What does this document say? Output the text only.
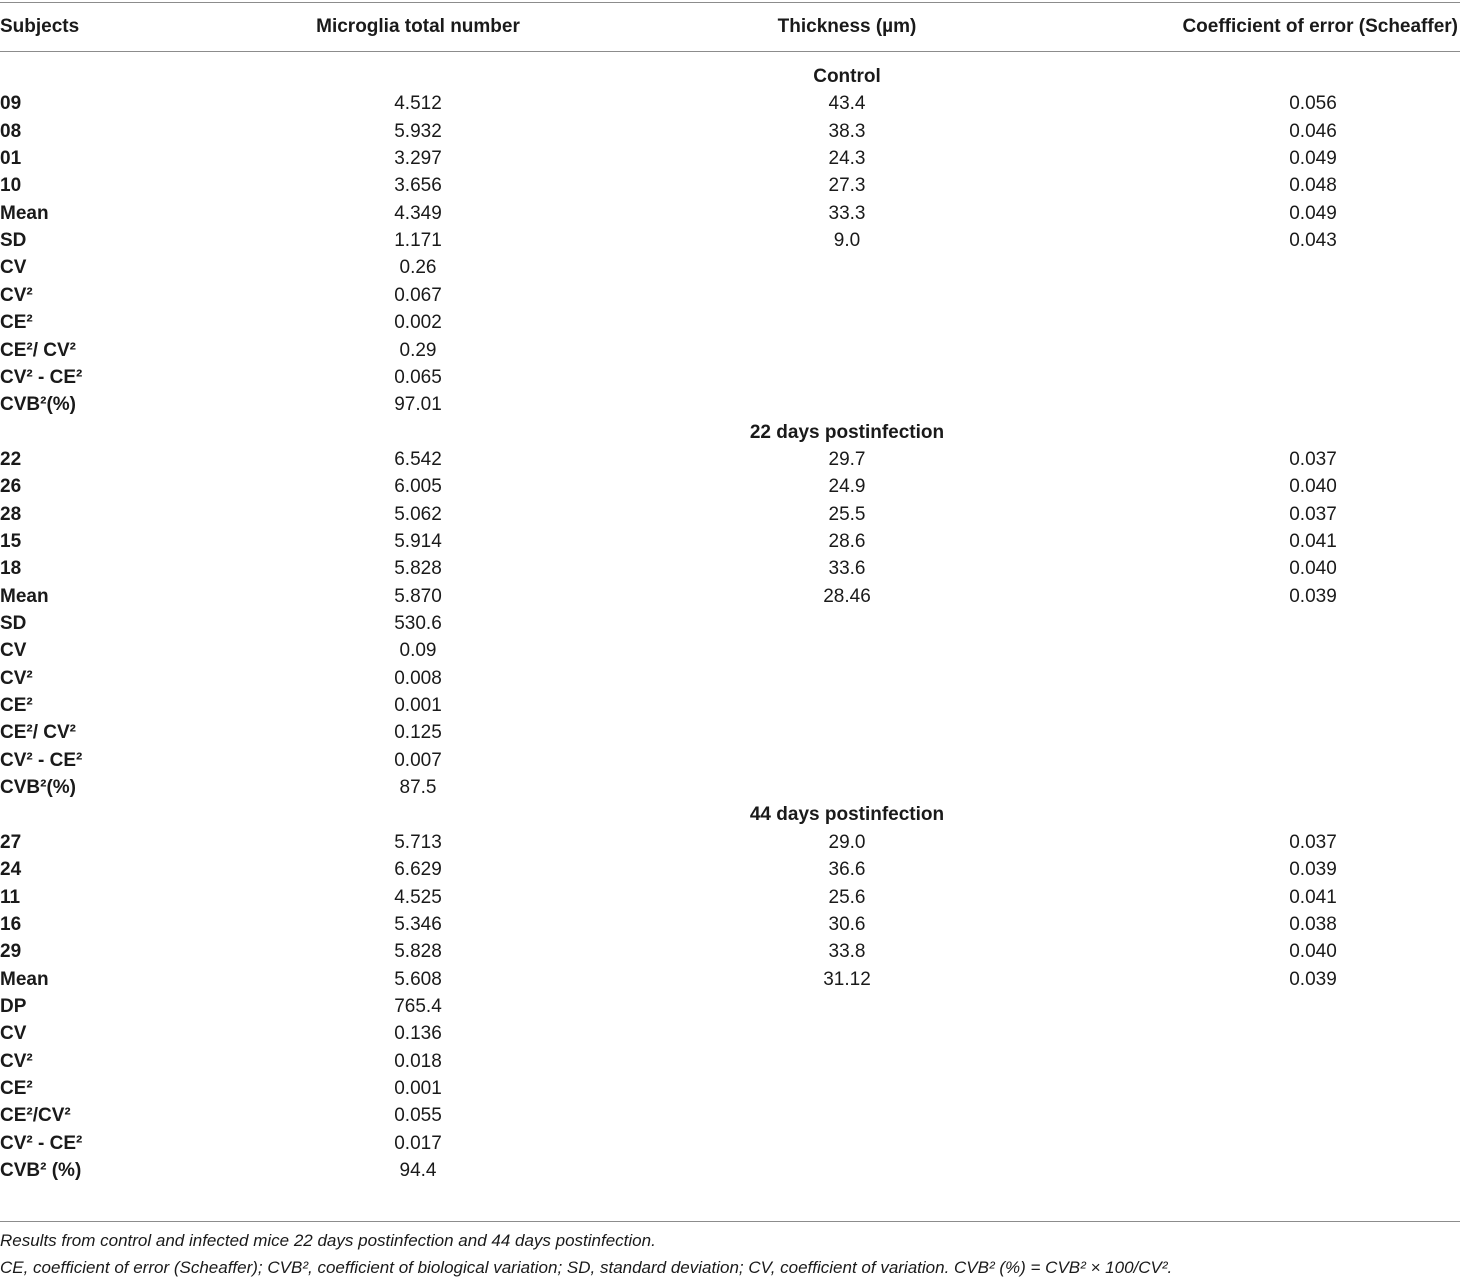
Subjects	Microglia total number	Thickness (µm)	Coefficient of error (Scheaffer)
Control
09	4.512	43.4	0.056
08	5.932	38.3	0.046
01	3.297	24.3	0.049
10	3.656	27.3	0.048
Mean	4.349	33.3	0.049
SD	1.171	9.0	0.043
CV	0.26
CV²	0.067
CE²	0.002
CE²/ CV²	0.29
CV² - CE²	0.065
CVB²(%)	97.01
22 days postinfection
22	6.542	29.7	0.037
26	6.005	24.9	0.040
28	5.062	25.5	0.037
15	5.914	28.6	0.041
18	5.828	33.6	0.040
Mean	5.870	28.46	0.039
SD	530.6
CV	0.09
CV²	0.008
CE²	0.001
CE²/ CV²	0.125
CV² - CE²	0.007
CVB²(%)	87.5
44 days postinfection
27	5.713	29.0	0.037
24	6.629	36.6	0.039
11	4.525	25.6	0.041
16	5.346	30.6	0.038
29	5.828	33.8	0.040
Mean	5.608	31.12	0.039
DP	765.4
CV	0.136
CV²	0.018
CE²	0.001
CE²/CV²	0.055
CV² - CE²	0.017
CVB² (%)	94.4
Results from control and infected mice 22 days postinfection and 44 days postinfection.
CE, coefficient of error (Scheaffer); CVB², coefficient of biological variation; SD, standard deviation; CV, coefficient of variation. CVB² (%) = CVB² × 100/CV².
